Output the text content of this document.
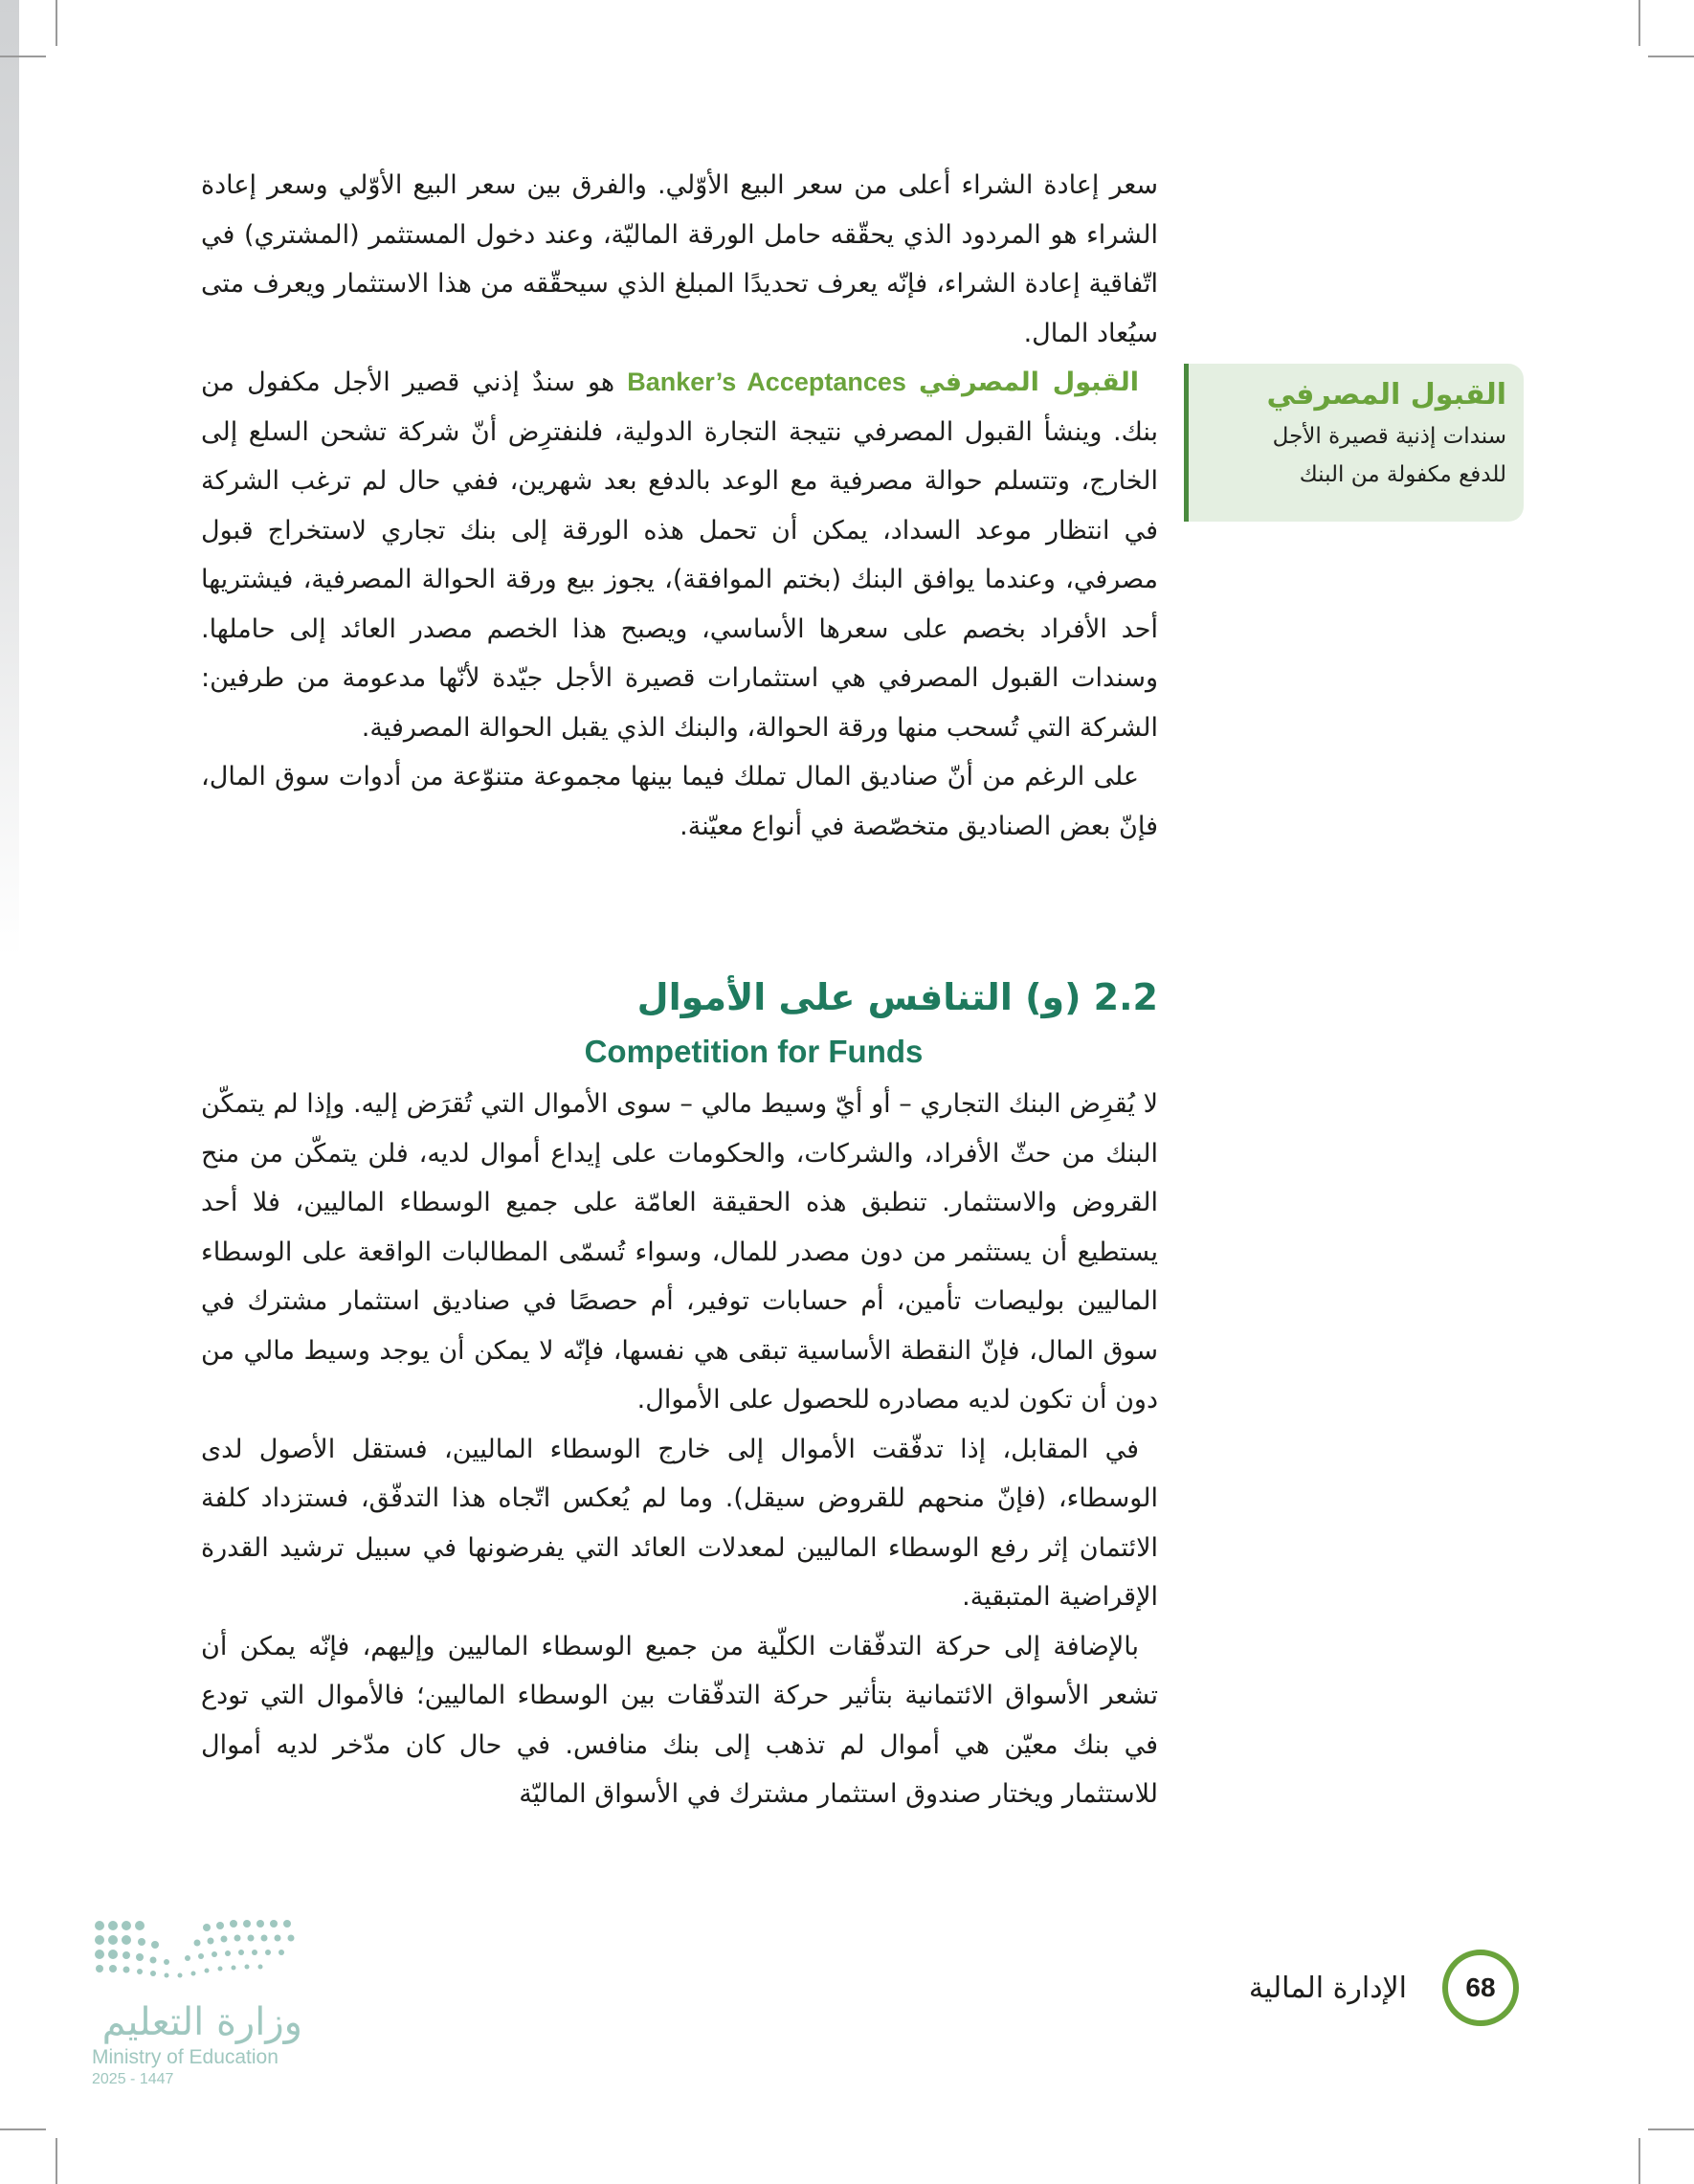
سعر إعادة الشراء أعلى من سعر البيع الأوّلي. والفرق بين سعر البيع الأوّلي وسعر إعادة الشراء هو المردود الذي يحقّقه حامل الورقة الماليّة، وعند دخول المستثمر (المشتري) في اتّفاقية إعادة الشراء، فإنّه يعرف تحديدًا المبلغ الذي سيحقّقه من هذا الاستثمار ويعرف متى سيُعاد المال.

القبول المصرفي Banker’s Acceptances هو سندٌ إذني قصير الأجل مكفول من بنك. وينشأ القبول المصرفي نتيجة التجارة الدولية، فلنفترِض أنّ شركة تشحن السلع إلى الخارج، وتتسلم حوالة مصرفية مع الوعد بالدفع بعد شهرين، ففي حال لم ترغب الشركة في انتظار موعد السداد، يمكن أن تحمل هذه الورقة إلى بنك تجاري لاستخراج قبول مصرفي، وعندما يوافق البنك (بختم الموافقة)، يجوز بيع ورقة الحوالة المصرفية، فيشتريها أحد الأفراد بخصم على سعرها الأساسي، ويصبح هذا الخصم مصدر العائد إلى حاملها. وسندات القبول المصرفي هي استثمارات قصيرة الأجل جيّدة لأنّها مدعومة من طرفين: الشركة التي تُسحب منها ورقة الحوالة، والبنك الذي يقبل الحوالة المصرفية.

على الرغم من أنّ صناديق المال تملك فيما بينها مجموعة متنوّعة من أدوات سوق المال، فإنّ بعض الصناديق متخصّصة في أنواع معيّنة.

القبول المصرفي
سندات إذنية قصيرة الأجل
للدفع مكفولة من البنك
2.2 (و) التنافس على الأموال
Competition for Funds

لا يُقرِض البنك التجاري – أو أيّ وسيط مالي – سوى الأموال التي تُقرَض إليه. وإذا لم يتمكّن البنك من حثّ الأفراد، والشركات، والحكومات على إيداع أموال لديه، فلن يتمكّن من منح القروض والاستثمار. تنطبق هذه الحقيقة العامّة على جميع الوسطاء الماليين، فلا أحد يستطيع أن يستثمر من دون مصدر للمال، وسواء تُسمّى المطالبات الواقعة على الوسطاء الماليين بوليصات تأمين، أم حسابات توفير، أم حصصًا في صناديق استثمار مشترك في سوق المال، فإنّ النقطة الأساسية تبقى هي نفسها، فإنّه لا يمكن أن يوجد وسيط مالي من دون أن تكون لديه مصادره للحصول على الأموال.

في المقابل، إذا تدفّقت الأموال إلى خارج الوسطاء الماليين، فستقل الأصول لدى الوسطاء، (فإنّ منحهم للقروض سيقل). وما لم يُعكس اتّجاه هذا التدفّق، فستزداد كلفة الائتمان إثر رفع الوسطاء الماليين لمعدلات العائد التي يفرضونها في سبيل ترشيد القدرة الإقراضية المتبقية.

بالإضافة إلى حركة التدفّقات الكلّية من جميع الوسطاء الماليين وإليهم، فإنّه يمكن أن تشعر الأسواق الائتمانية بتأثير حركة التدفّقات بين الوسطاء الماليين؛ فالأموال التي تودع في بنك معيّن هي أموال لم تذهب إلى بنك منافس. في حال كان مدّخر لديه أموال للاستثمار ويختار صندوق استثمار مشترك في الأسواق الماليّة

68
الإدارة المالية
وزارة التعليم
Ministry of Education
2025 - 1447
